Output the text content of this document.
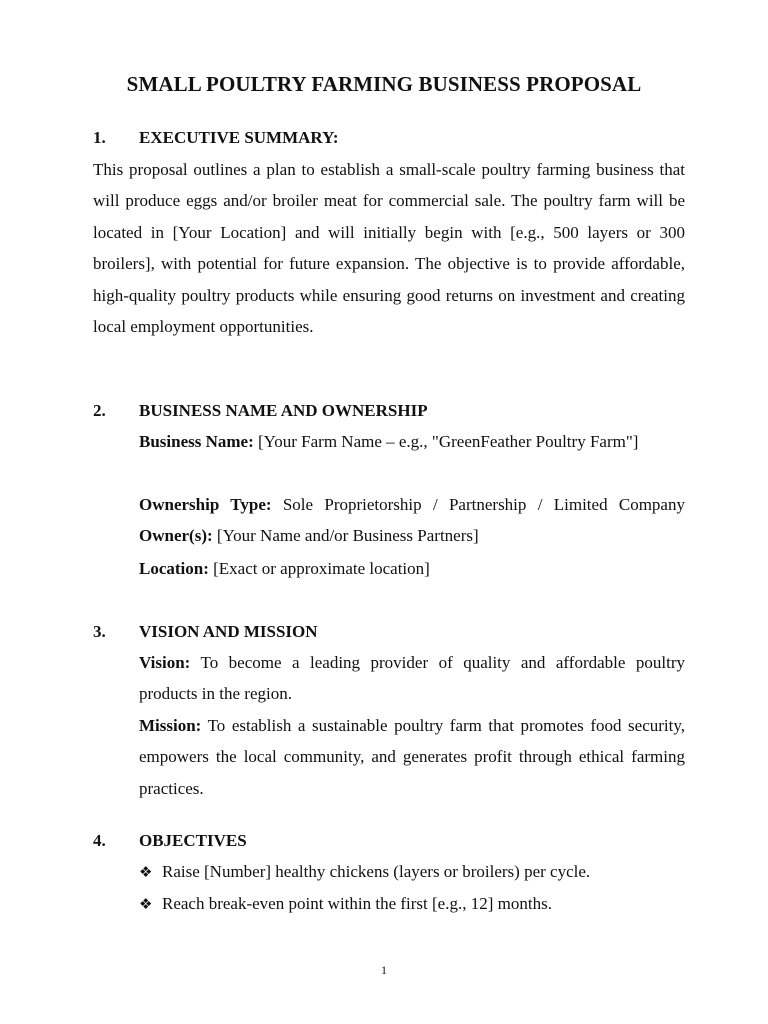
SMALL POULTRY FARMING BUSINESS PROPOSAL
1. EXECUTIVE SUMMARY:
This proposal outlines a plan to establish a small-scale poultry farming business that will produce eggs and/or broiler meat for commercial sale. The poultry farm will be located in [Your Location] and will initially begin with [e.g., 500 layers or 300 broilers], with potential for future expansion. The objective is to provide affordable, high-quality poultry products while ensuring good returns on investment and creating local employment opportunities.
2. BUSINESS NAME AND OWNERSHIP
Business Name: [Your Farm Name – e.g., "GreenFeather Poultry Farm"]
Ownership Type: Sole Proprietorship / Partnership / Limited Company Owner(s): [Your Name and/or Business Partners]
Location: [Exact or approximate location]
3. VISION AND MISSION
Vision: To become a leading provider of quality and affordable poultry products in the region.
Mission: To establish a sustainable poultry farm that promotes food security, empowers the local community, and generates profit through ethical farming practices.
4. OBJECTIVES
❖ Raise [Number] healthy chickens (layers or broilers) per cycle.
❖ Reach break-even point within the first [e.g., 12] months.
1
